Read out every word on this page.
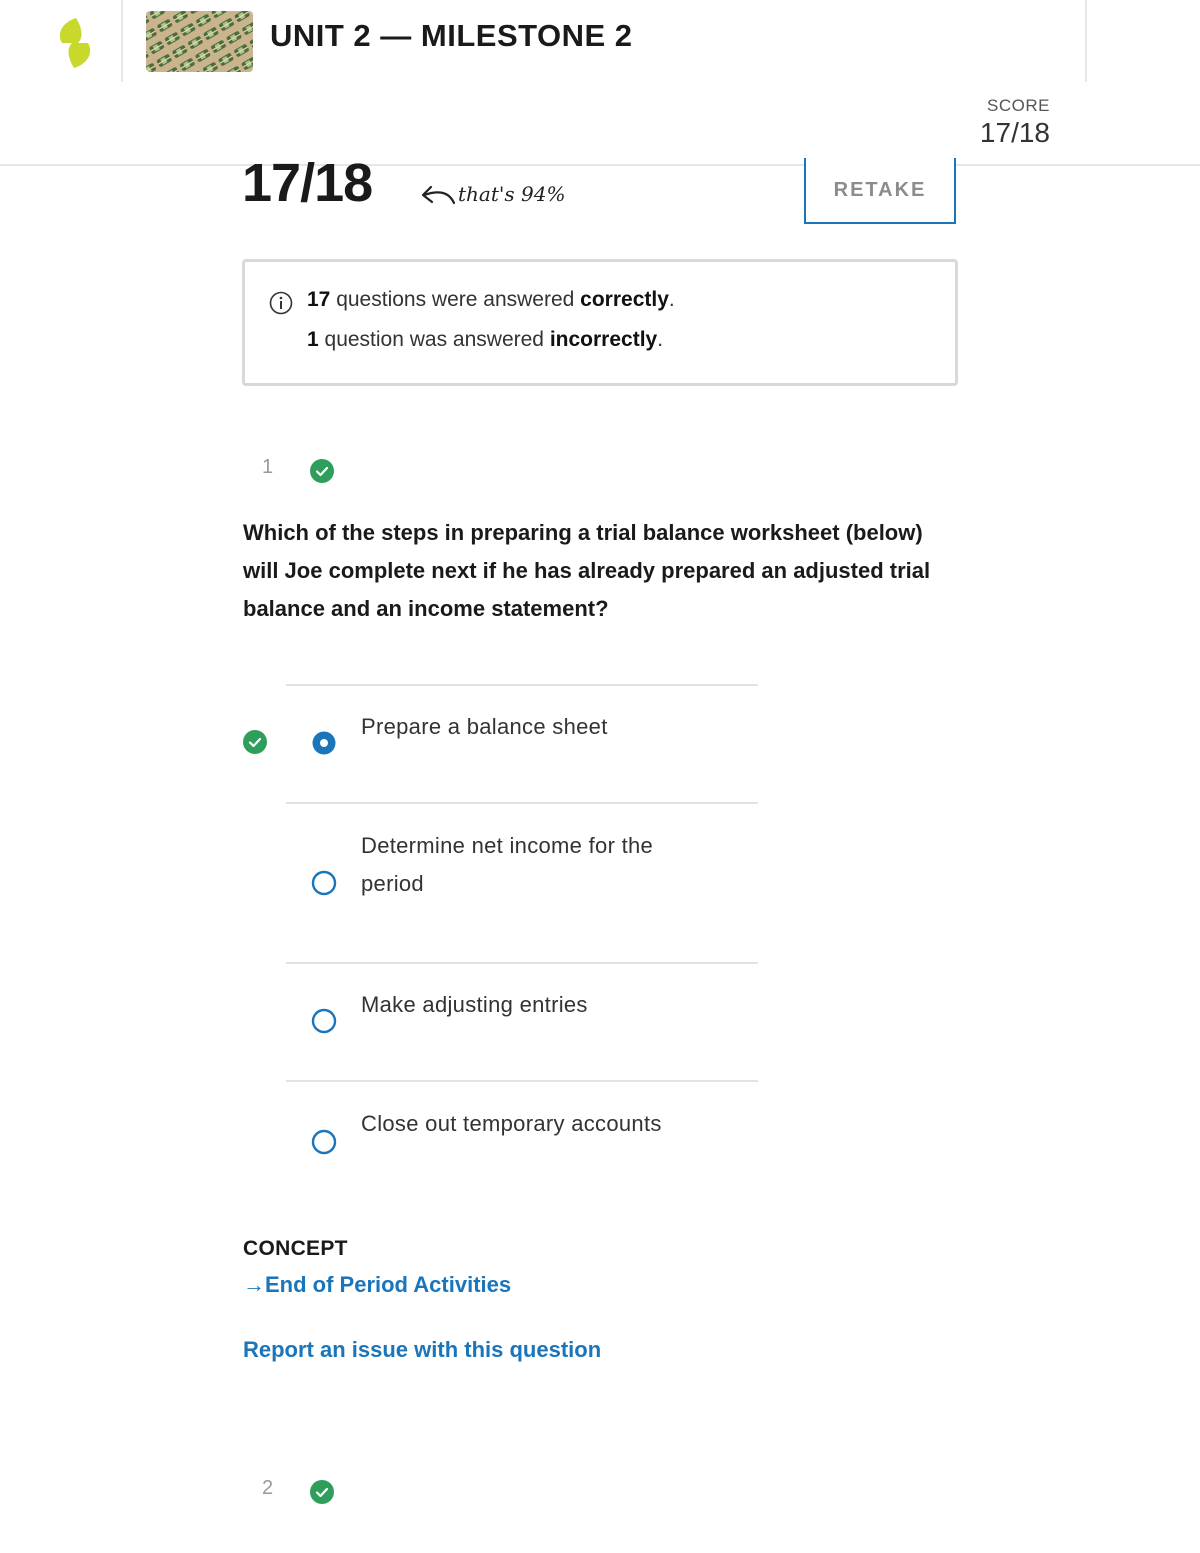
UNIT 2 — MILESTONE 2
SCORE
17/18
17/18	that's 94%	RETAKE
17 questions were answered correctly.
1 question was answered incorrectly.
1
Which of the steps in preparing a trial balance worksheet (below) will Joe complete next if he has already prepared an adjusted trial balance and an income statement?
Prepare a balance sheet
Determine net income for the period
Make adjusting entries
Close out temporary accounts
CONCEPT
→End of Period Activities
Report an issue with this question
2
